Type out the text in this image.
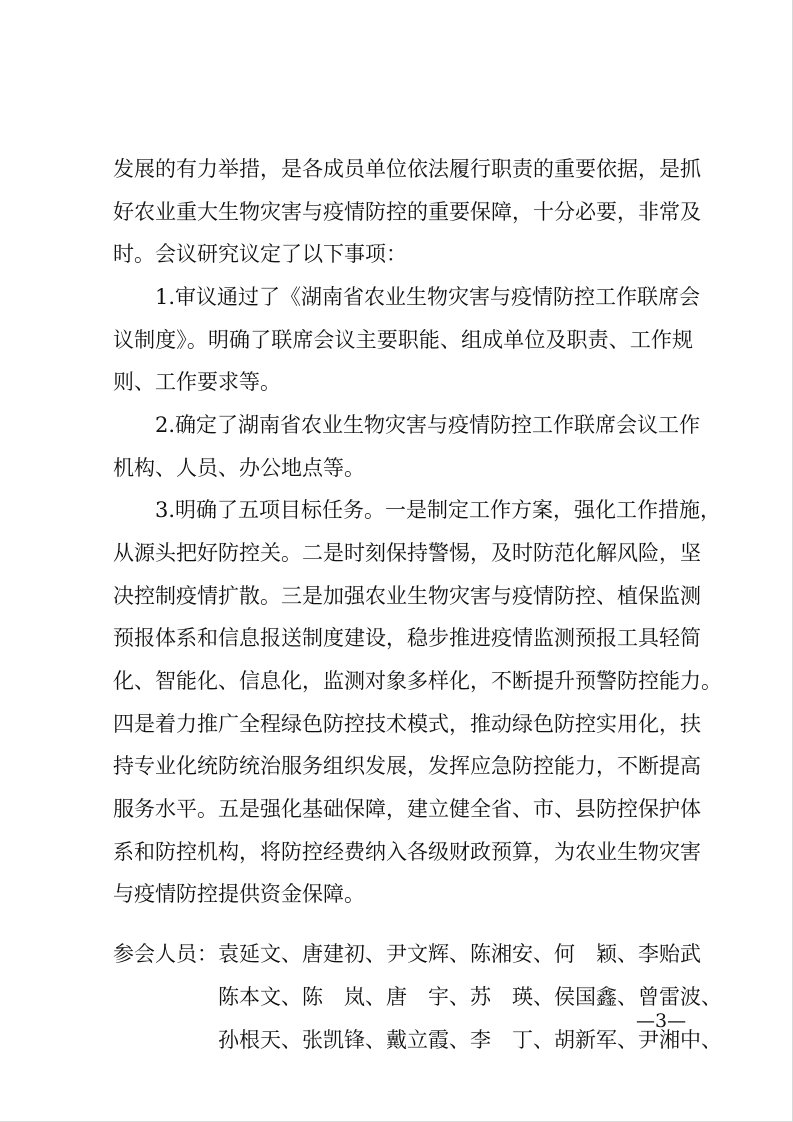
发展的有力举措，是各成员单位依法履行职责的重要依据，是抓
好农业重大生物灾害与疫情防控的重要保障，十分必要，非常及
时。会议研究议定了以下事项：
1.审议通过了《湖南省农业生物灾害与疫情防控工作联席会
议制度》。明确了联席会议主要职能、组成单位及职责、工作规
则、工作要求等。
2.确定了湖南省农业生物灾害与疫情防控工作联席会议工作
机构、人员、办公地点等。
3.明确了五项目标任务。一是制定工作方案，强化工作措施，
从源头把好防控关。二是时刻保持警惕，及时防范化解风险，坚
决控制疫情扩散。三是加强农业生物灾害与疫情防控、植保监测
预报体系和信息报送制度建设，稳步推进疫情监测预报工具轻简
化、智能化、信息化，监测对象多样化，不断提升预警防控能力。
四是着力推广全程绿色防控技术模式，推动绿色防控实用化，扶
持专业化统防统治服务组织发展，发挥应急防控能力，不断提高
服务水平。五是强化基础保障，建立健全省、市、县防控保护体
系和防控机构，将防控经费纳入各级财政预算，为农业生物灾害
与疫情防控提供资金保障。
参会人员： 袁延文、唐建初、尹文辉、陈湘安、何　颖、李贻武
陈本文、陈　岚、唐　宇、苏　瑛、侯国鑫、曾雷波、
孙根天、张凯锋、戴立霞、李　丁、胡新军、尹湘中、
—3—
